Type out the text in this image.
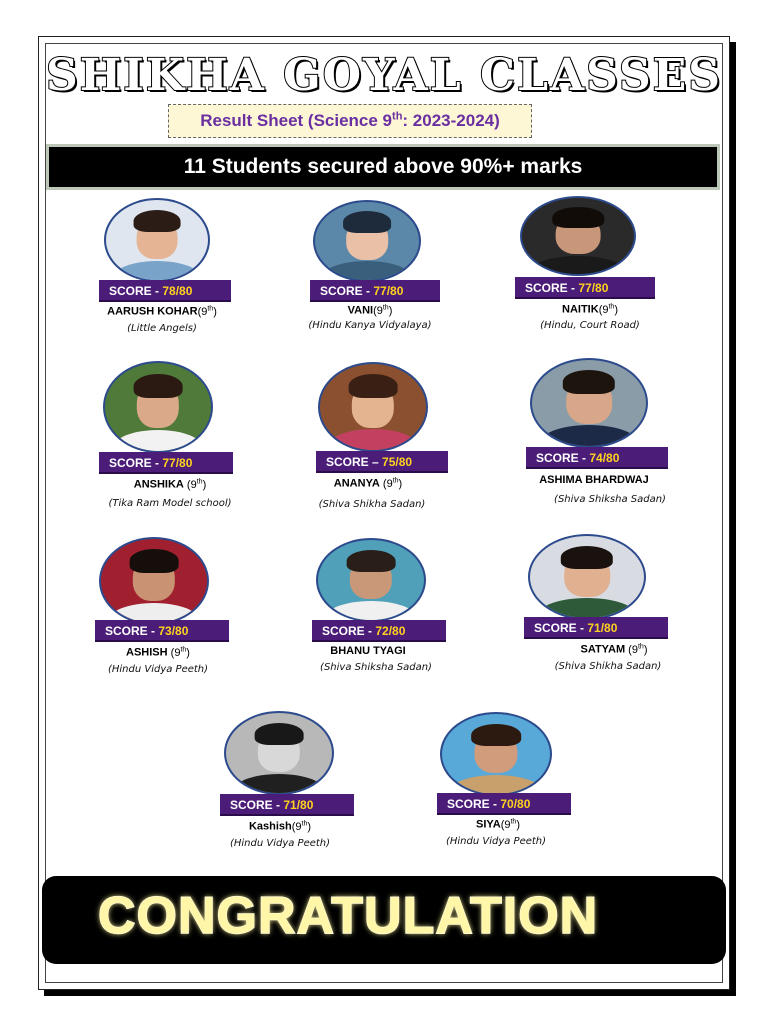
SHIKHA GOYAL CLASSES
Result Sheet (Science 9th: 2023-2024)
11 Students secured above 90%+ marks
SCORE - 78/80
AARUSH KOHAR(9th)
(Little Angels)
SCORE - 77/80
VANI(9th)
(Hindu Kanya Vidyalaya)
SCORE - 77/80
NAITIK(9th)
(Hindu, Court Road)
SCORE - 77/80
ANSHIKA (9th)
(Tika Ram Model school)
SCORE – 75/80
ANANYA (9th)
(Shiva Shikha Sadan)
SCORE - 74/80
ASHIMA BHARDWAJ
(Shiva Shiksha Sadan)
SCORE - 73/80
ASHISH (9th)
(Hindu Vidya Peeth)
SCORE - 72/80
BHANU TYAGI
(Shiva Shiksha Sadan)
SCORE - 71/80
SATYAM (9th)
(Shiva Shikha Sadan)
SCORE - 71/80
Kashish(9th)
(Hindu Vidya Peeth)
SCORE - 70/80
SIYA(9th)
(Hindu Vidya Peeth)
CONGRATULATION
